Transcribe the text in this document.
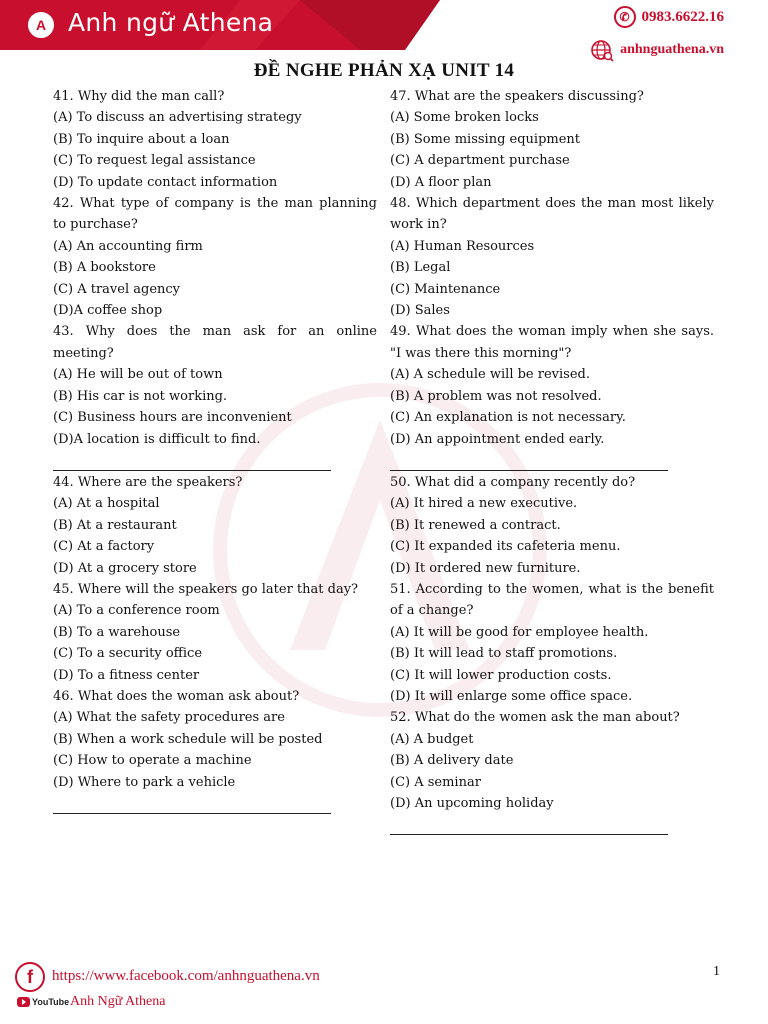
A Anh ngữ Athena	✆ 0983.6622.16
anhnguathena.vn
ĐỀ NGHE PHẢN XẠ UNIT 14
41. Why did the man call?
(A) To discuss an advertising strategy
(B) To inquire about a loan
(C) To request legal assistance
(D) To update contact information
42. What type of company is the man planning to purchase?
(A) An accounting firm
(B) A bookstore
(C) A travel agency
(D)A coffee shop
43. Why does the man ask for an online meeting?
(A) He will be out of town
(B) His car is not working.
(C) Business hours are inconvenient
(D)A location is difficult to find.
44. Where are the speakers?
(A) At a hospital
(B) At a restaurant
(C) At a factory
(D) At a grocery store
45. Where will the speakers go later that day?
(A) To a conference room
(B) To a warehouse
(C) To a security office
(D) To a fitness center
46. What does the woman ask about?
(A) What the safety procedures are
(B) When a work schedule will be posted
(C) How to operate a machine
(D) Where to park a vehicle
47. What are the speakers discussing?
(A) Some broken locks
(B) Some missing equipment
(C) A department purchase
(D) A floor plan
48. Which department does the man most likely work in?
(A) Human Resources
(B) Legal
(C) Maintenance
(D) Sales
49. What does the woman imply when she says. "I was there this morning"?
(A) A schedule will be revised.
(B) A problem was not resolved.
(C) An explanation is not necessary.
(D) An appointment ended early.
50. What did a company recently do?
(A) It hired a new executive.
(B) It renewed a contract.
(C) It expanded its cafeteria menu.
(D) It ordered new furniture.
51. According to the women, what is the benefit of a change?
(A) It will be good for employee health.
(B) It will lead to staff promotions.
(C) It will lower production costs.
(D) It will enlarge some office space.
52. What do the women ask the man about?
(A) A budget
(B) A delivery date
(C) A seminar
(D) An upcoming holiday
f	https://www.facebook.com/anhnguathena.vn	1
YouTube Anh Ngữ Athena
